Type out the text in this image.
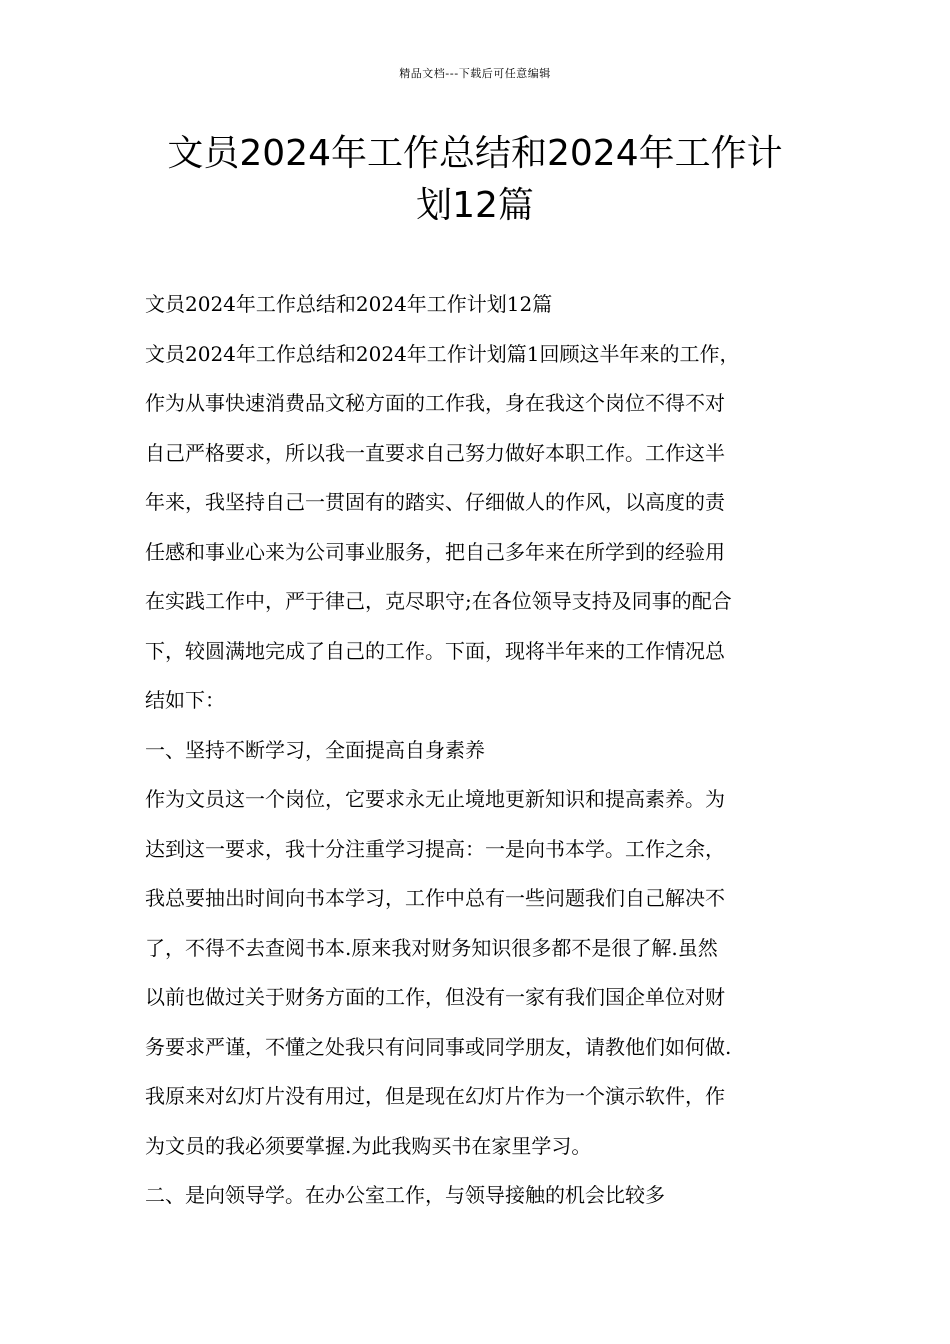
精品文档---下载后可任意编辑
文员2024年工作总结和2024年工作计
划12篇
文员2024年工作总结和2024年工作计划12篇
文员2024年工作总结和2024年工作计划篇1回顾这半年来的工作，
作为从事快速消费品文秘方面的工作我，身在我这个岗位不得不对
自己严格要求，所以我一直要求自己努力做好本职工作。工作这半
年来，我坚持自己一贯固有的踏实、仔细做人的作风，以高度的责
任感和事业心来为公司事业服务，把自己多年来在所学到的经验用
在实践工作中，严于律己，克尽职守;在各位领导支持及同事的配合
下，较圆满地完成了自己的工作。下面，现将半年来的工作情况总
结如下：
一、坚持不断学习，全面提高自身素养
作为文员这一个岗位，它要求永无止境地更新知识和提高素养。为
达到这一要求，我十分注重学习提高：一是向书本学。工作之余，
我总要抽出时间向书本学习，工作中总有一些问题我们自己解决不
了，不得不去查阅书本.原来我对财务知识很多都不是很了解.虽然
以前也做过关于财务方面的工作，但没有一家有我们国企单位对财
务要求严谨，不懂之处我只有问同事或同学朋友，请教他们如何做.
我原来对幻灯片没有用过，但是现在幻灯片作为一个演示软件，作
为文员的我必须要掌握.为此我购买书在家里学习。
二、是向领导学。在办公室工作，与领导接触的机会比较多
